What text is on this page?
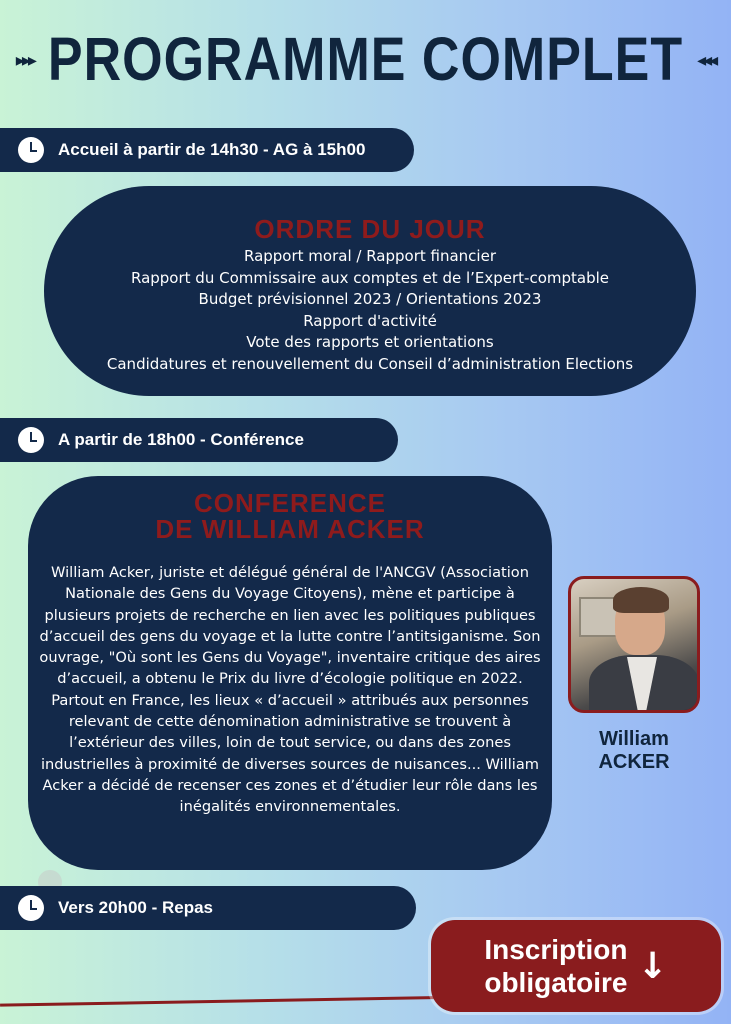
▸▸▸ PROGRAMME COMPLET ◂◂◂
Accueil à partir de 14h30 - AG à 15h00
ORDRE DU JOUR
Rapport moral / Rapport financier
Rapport du Commissaire aux comptes et de l’Expert-comptable
Budget prévisionnel 2023 / Orientations 2023
Rapport d'activité
Vote des rapports et orientations
Candidatures et renouvellement du Conseil d’administration Elections
A partir de 18h00 - Conférence
CONFERENCE
DE WILLIAM ACKER

William Acker, juriste et délégué général de l'ANCGV (Association Nationale des Gens du Voyage Citoyens), mène et participe à plusieurs projets de recherche en lien avec les politiques publiques d’accueil des gens du voyage et la lutte contre l’antitsiganisme. Son ouvrage, "Où sont les Gens du Voyage", inventaire critique des aires d’accueil, a obtenu le Prix du livre d’écologie politique en 2022. Partout en France, les lieux « d’accueil » attribués aux personnes relevant de cette dénomination administrative se trouvent à l’extérieur des villes, loin de tout service, ou dans des zones industrielles à proximité de diverses sources de nuisances... William Acker a décidé de recenser ces zones et d’étudier leur rôle dans les inégalités environnementales.

William
ACKER
Vers 20h00 - Repas
Inscription
obligatoire ↓
